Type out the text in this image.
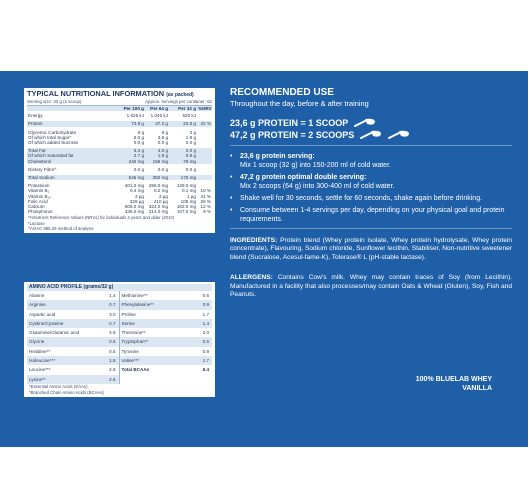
TYPICAL NUTRITIONAL INFORMATION (as packed)
Serving size: 32 g (1 scoop)	Approx. servings per container: 62
Per 100 g	Per 64 g	Per 32 g %NRV
Energy	1,625 kJ	1,040 kJ	520 kJ
Protein	73.8 g	47.2 g	23.6 g 42 %
Glycemic Carbohydrate	9 g	6 g	3 g
Of which total Sugar*	6.0 g	3.8 g	1.9 g
Of which added Sucrose	0.0 g	0.0 g	0.0 g
Total Fat	6.4 g	4.0 g	2.0 g
Of which Saturated fat	2.7 g	1.9 g	0.9 g
Cholesterol	246 mg	156 mg	78 mg
Dietary Fibre^	0.0 g	0.0 g	0.0 g
Total Sodium	545 mg	350 mg	175 mg
Potassium	401.0 mg	256.0 mg	128.0 mg
Vitamin B₁	0.4 mg	0.2 mg	0.1 mg 10 %
Vitamin B₁₂	3 µg	2 µg	1 µg 41 %
Folic Acid	329 µg	210 µg	105 mg 26 %
Calcium	506.0 mg	324.0 mg	162.0 mg 12 %
Phosphorus	336.0 mg	214.0 mg	107.0 mg	9 %
*%Nutrient Reference Values (NRVs) for individuals 4 years and older (2010)
*Lactose
^AOAC 985.29 method of analysis
AMINO ACID PROFILE (grams/32 g)
Alanine	1.4
Arginine	0.7
Aspartic acid	3.0
Cystine/Cysteine	0.7
Glutamine/Glutamic acid	4.9
Glycine	0.5
Histidine**	0.5
Isoleucine***	1.8
Leucine***	2.9
Lysine**	2.6
Methionine**	0.6
Phenylalanine**	0.9
Proline	1.7
Serine	1.4
Threonine**	2.0
Tryptophan**	0.5
Tyrosine	0.9
Valine***	1.7
Total BCAAs	6.4
*Essential Amino Acids (EAAs)
*Branched Chain Amino Acids (BCAAs)
RECOMMENDED USE
Throughout the day, before & after training
23,6 g PROTEIN = 1 SCOOP
47,2 g PROTEIN = 2 SCOOPS
•	23,6 g protein serving:
Mix 1 scoop (32 g) into 150-200 ml of cold water.
•	47,2 g protein optimal double serving:
Mix 2 scoops (64 g) into 300-400 ml of cold water.
•	Shake well for 30 seconds, settle for 60 seconds, shake again before drinking.
•	Consume between 1-4 servings per day, depending on your physical goal and protein requirements.
INGREDIENTS: Protein blend (Whey protein isolate, Whey protein hydrolysate, Whey protein concentrate), Flavouring, Sodium chloride, Sunflower lecithin, Stabiliser, Non-nutritive sweetener blend (Sucralose, Acesul-fame-K), Tolerase® L (pH-stable lactase).
ALLERGENS: Contains Cow's milk. Whey may contain traces of Soy (from Lecithin). Manufactured in a facility that also processes/may contain Oats & Wheat (Gluten), Soy, Fish and Peanuts.
100% BLUELAB WHEY
VANILLA
